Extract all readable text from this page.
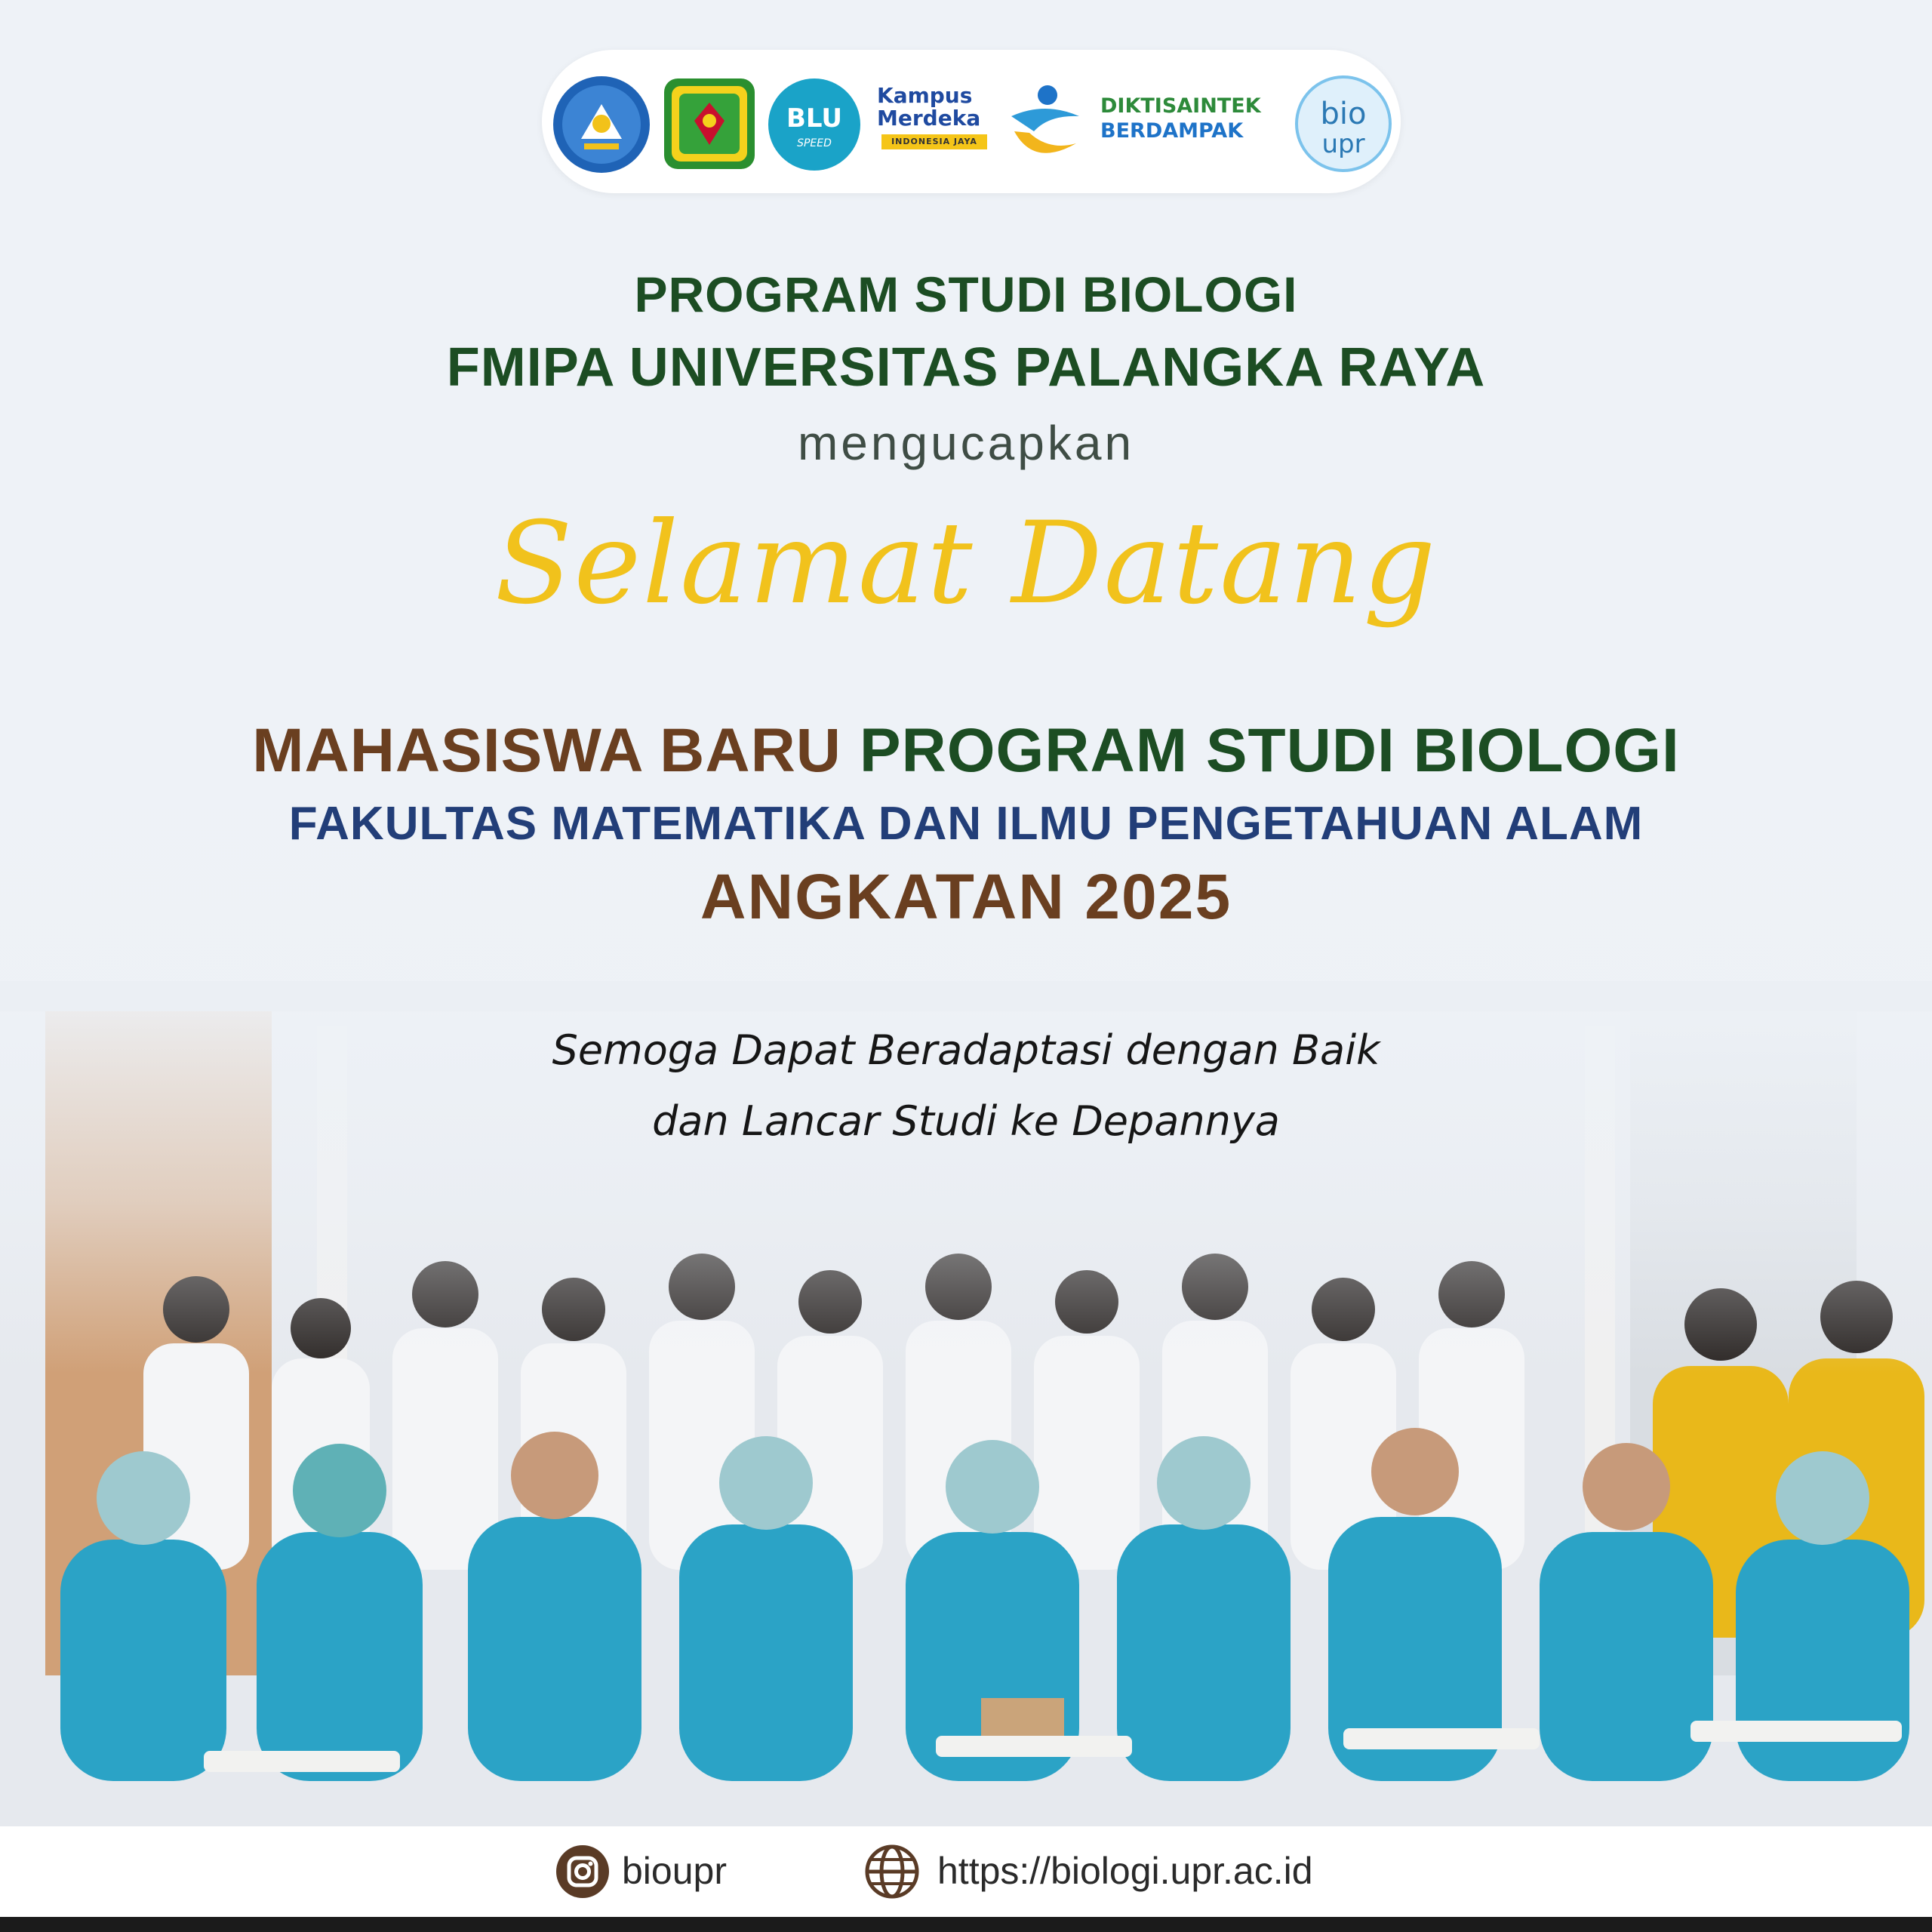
BLU
SPEED
Kampus
Merdeka
INDONESIA JAYA
DIKTISAINTEK
BERDAMPAK	bio
upr
PROGRAM STUDI BIOLOGI
FMIPA UNIVERSITAS PALANGKA RAYA
mengucapkan
Selamat Datang
MAHASISWA BARU PROGRAM STUDI BIOLOGI
FAKULTAS MATEMATIKA DAN ILMU PENGETAHUAN ALAM
ANGKATAN 2025
Semoga Dapat Beradaptasi dengan Baik
dan Lancar Studi ke Depannya
bioupr	https://biologi.upr.ac.id
